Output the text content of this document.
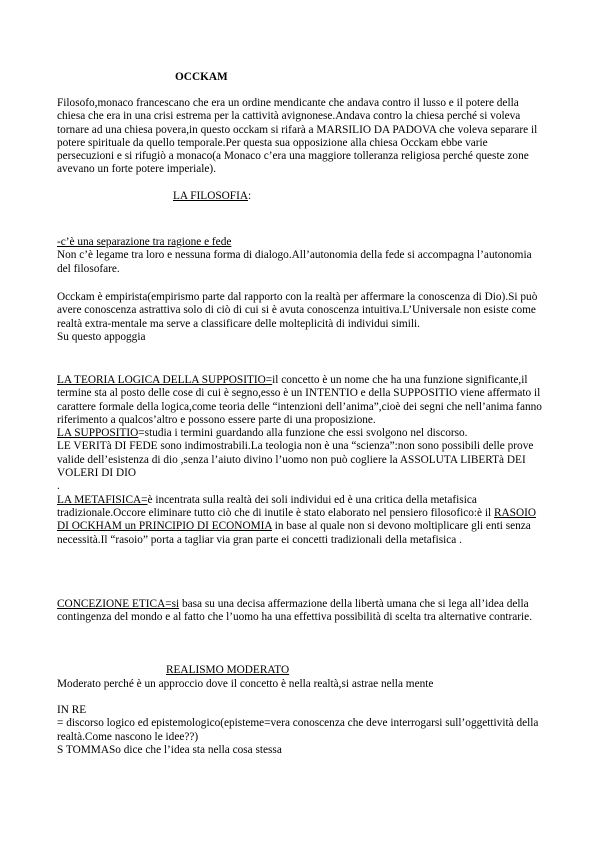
OCCKAM

Filosofo,monaco francescano che era un ordine mendicante che andava contro il lusso e il potere della chiesa che era in una crisi estrema per la cattività avignonese.Andava contro la chiesa perché si voleva tornare ad una chiesa povera,in questo occkam si rifarà a MARSILIO DA PADOVA che voleva separare il potere spirituale da quello temporale.Per questa sua opposizione alla chiesa Occkam ebbe varie persecuzioni e si rifugiò a monaco(a Monaco c’era una maggiore tolleranza religiosa perché queste zone avevano un forte potere imperiale).

LA FILOSOFIA:

-c’è una separazione tra ragione e fede

Non c’è legame tra loro e nessuna forma di dialogo.All’autonomia della fede si accompagna l’autonomia del filosofare.

Occkam è empirista(empirismo parte dal rapporto con la realtà per affermare la conoscenza di Dio).Si può avere conoscenza astrattiva solo di ciò di cui si è avuta conoscenza intuitiva.L’Universale non esiste come realtà extra-mentale ma serve a classificare delle molteplicità di individui simili.

Su questo appoggia

LA TEORIA LOGICA DELLA SUPPOSITIO=il concetto è un nome che ha una funzione significante,il termine sta al posto delle cose di cui è segno,esso è un INTENTIO e della SUPPOSITIO viene affermato il carattere formale della logica,come teoria delle “intenzioni dell’anima”,cioè dei segni che nell’anima fanno riferimento a qualcos’altro e possono essere parte di una proposizione.

LA SUPPOSITIO=studia i termini guardando alla funzione che essi svolgono nel discorso.

LE VERITà DI FEDE sono indimostrabili.La teologia non è una “scienza”:non sono possibili delle prove valide dell’esistenza di dio ,senza l’aiuto divino l’uomo non può cogliere la ASSOLUTA LIBERTà DEI VOLERI DI DIO

.

LA METAFISICA=è incentrata sulla realtà dei soli individui ed è una critica della metafisica tradizionale.Occore eliminare tutto ciò che di inutile è stato elaborato nel pensiero filosofico:è il RASOIO DI OCKHAM un PRINCIPIO DI ECONOMIA in base al quale non si devono moltiplicare gli enti senza necessità.Il “rasoio” porta a tagliar via gran parte ei concetti tradizionali della metafisica .

CONCEZIONE ETICA=si basa su una decisa affermazione della libertà umana che si lega all’idea della contingenza del mondo e al fatto che l’uomo ha una effettiva possibilità di scelta tra alternative contrarie.

REALISMO MODERATO

Moderato perché è un approccio dove il concetto è nella realtà,si astrae nella mente

IN RE

= discorso logico ed epistemologico(episteme=vera conoscenza che deve interrogarsi sull’oggettività della realtà.Come nascono le idee??)

S TOMMASo dice che l’idea sta nella cosa stessa
